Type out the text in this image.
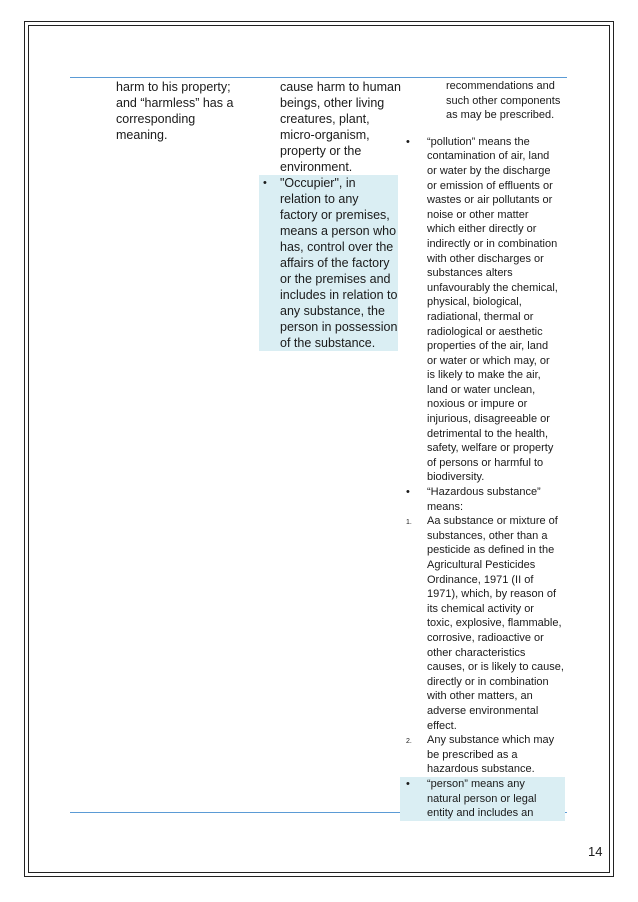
harm to his property;
and “harmless” has a
corresponding
meaning.
cause harm to human
beings, other living
creatures, plant,
micro-organism,
property or the
environment.
• "Occupier", in
relation to any
factory or premises,
means a person who
has, control over the
affairs of the factory
or the premises and
includes in relation to
any substance, the
person in possession
of the substance.
recommendations and
such other components
as may be prescribed.
• “pollution” means the
contamination of air, land
or water by the discharge
or emission of effluents or
wastes or air pollutants or
noise or other matter
which either directly or
indirectly or in combination
with other discharges or
substances alters
unfavourably the chemical,
physical, biological,
radiational, thermal or
radiological or aesthetic
properties of the air, land
or water or which may, or
is likely to make the air,
land or water unclean,
noxious or impure or
injurious, disagreeable or
detrimental to the health,
safety, welfare or property
of persons or harmful to
biodiversity.
• “Hazardous substance”
means:
1. Aa substance or mixture of
substances, other than a
pesticide as defined in the
Agricultural Pesticides
Ordinance, 1971 (II of
1971), which, by reason of
its chemical activity or
toxic, explosive, flammable,
corrosive, radioactive or
other characteristics
causes, or is likely to cause,
directly or in combination
with other matters, an
adverse environmental
effect.
2. Any substance which may
be prescribed as a
hazardous substance.
• “person” means any
natural person or legal
entity and includes an
14
